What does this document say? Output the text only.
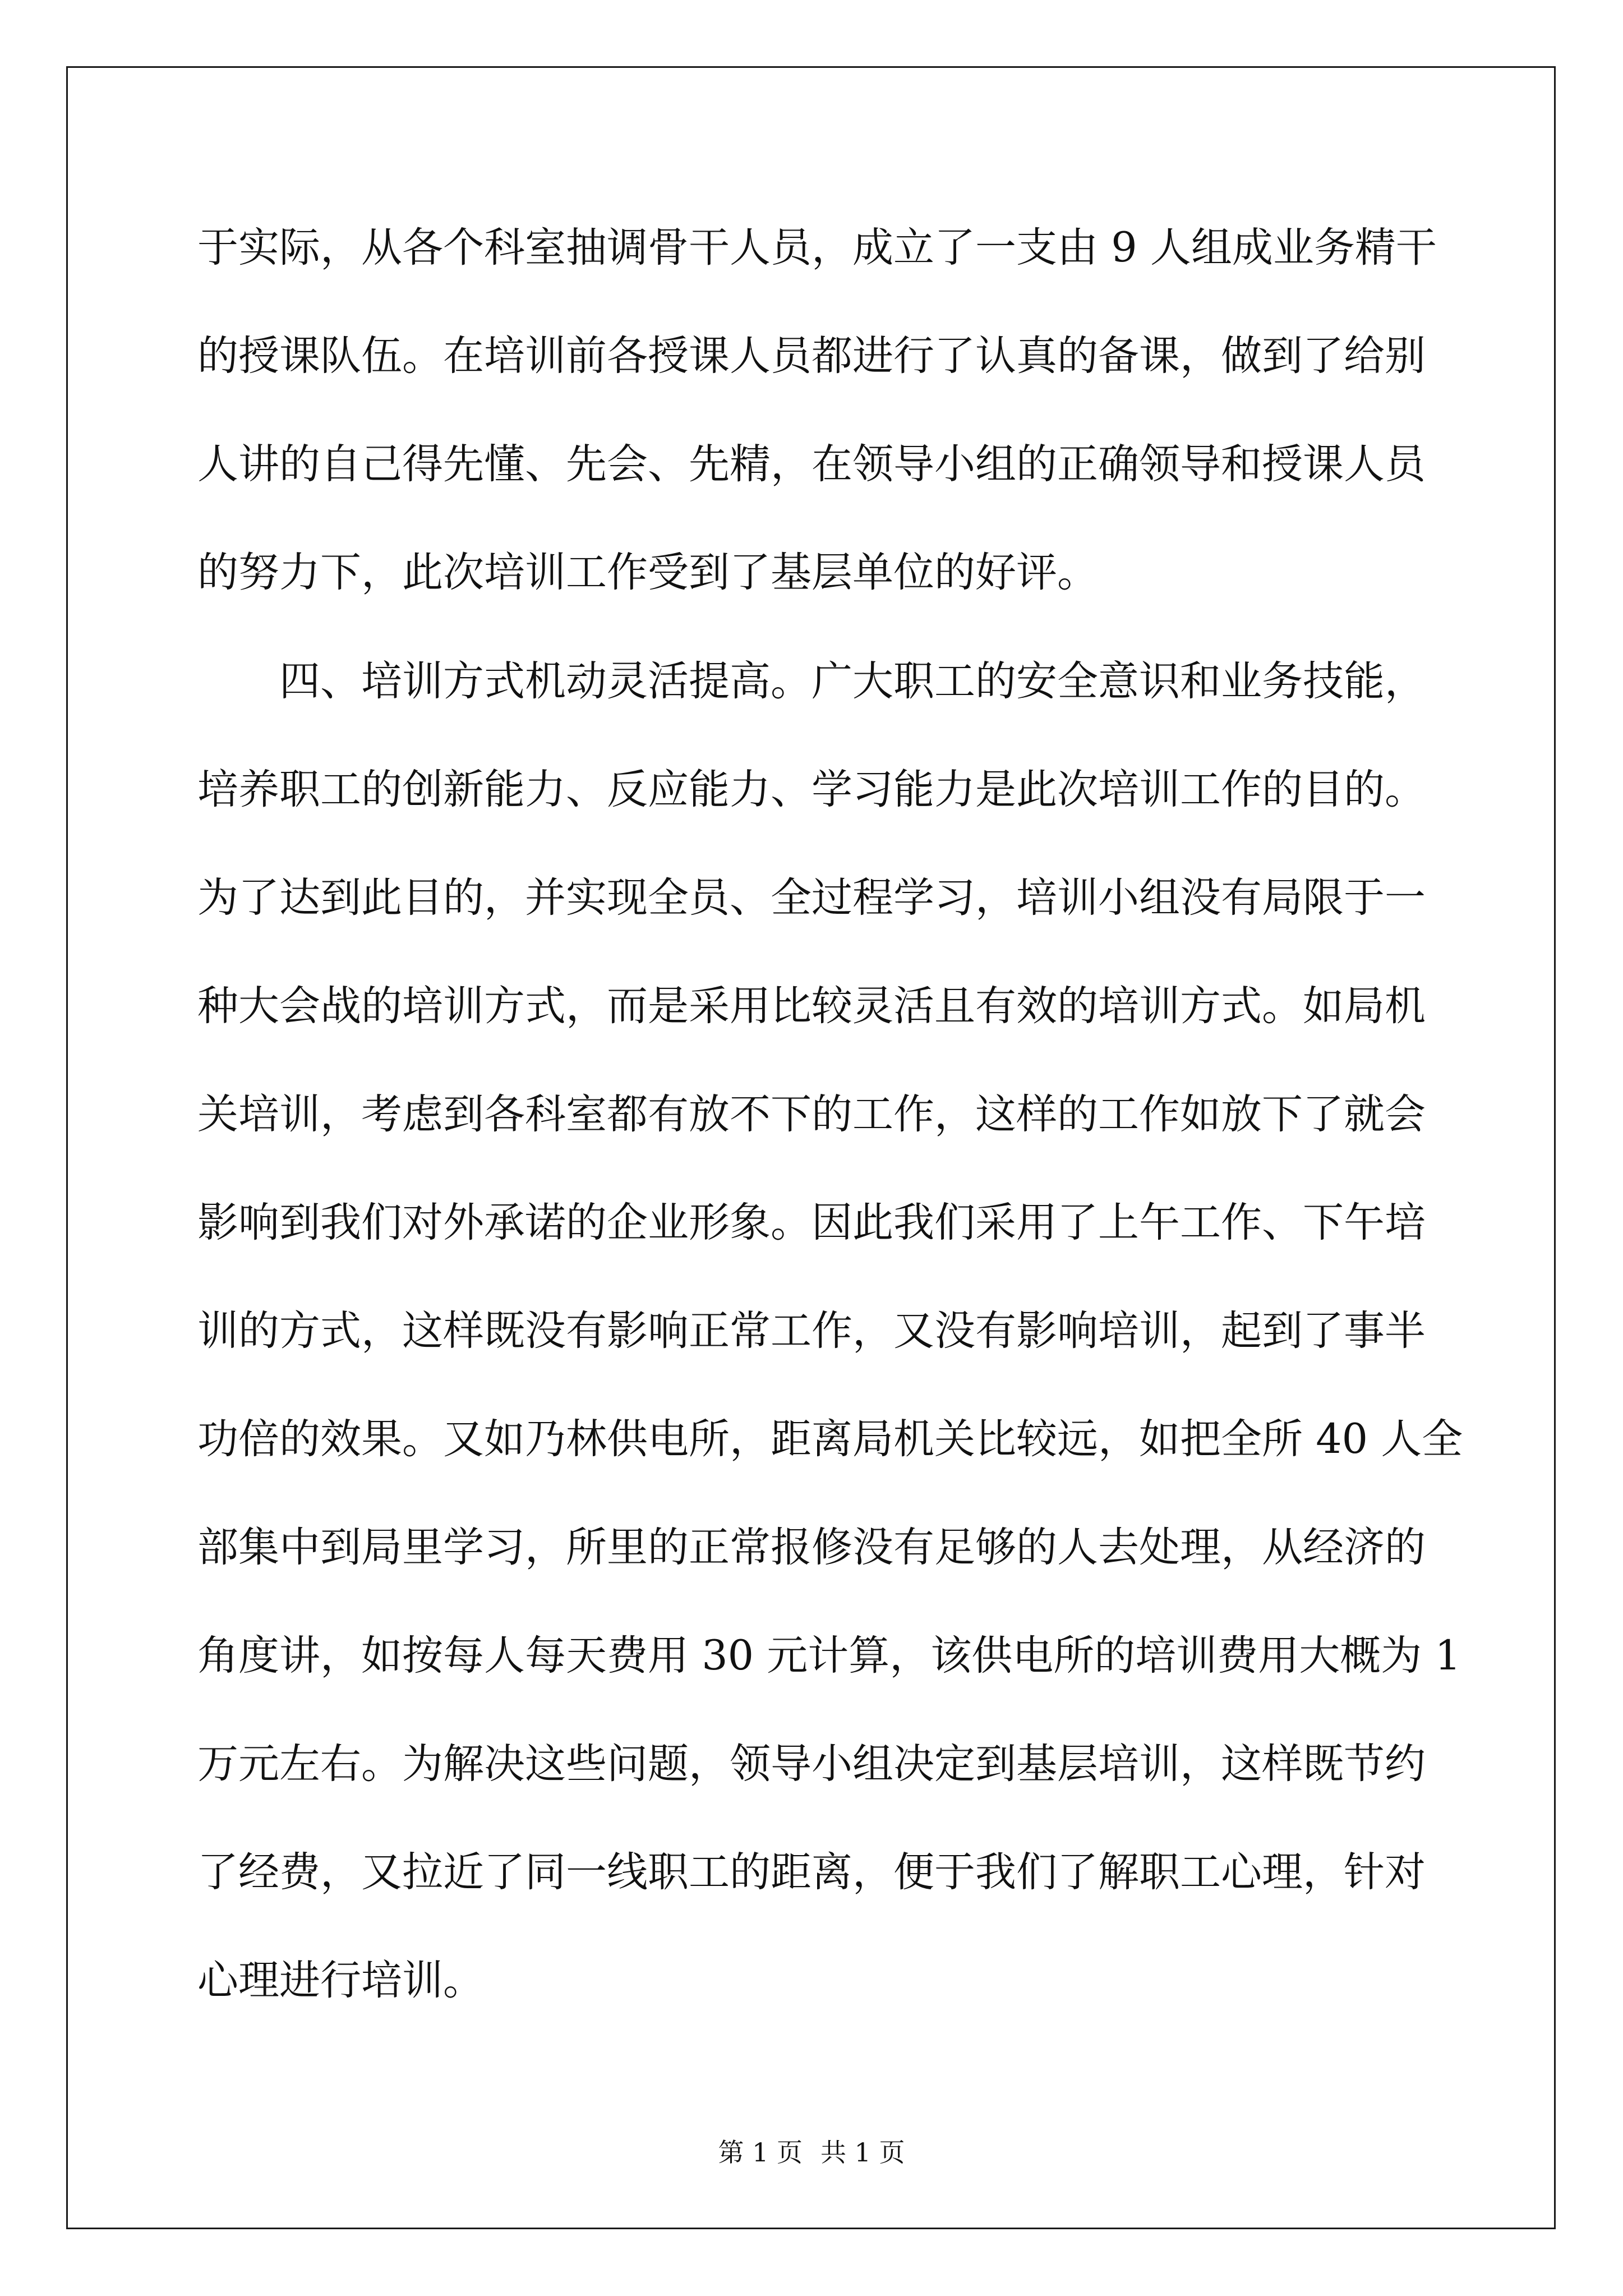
于实际，从各个科室抽调骨干人员，成立了一支由 9 人组成业务精干
的授课队伍。在培训前各授课人员都进行了认真的备课，做到了给别
人讲的自己得先懂、先会、先精，在领导小组的正确领导和授课人员
的努力下，此次培训工作受到了基层单位的好评。
　　四、培训方式机动灵活提高。广大职工的安全意识和业务技能，
培养职工的创新能力、反应能力、学习能力是此次培训工作的目的。
为了达到此目的，并实现全员、全过程学习，培训小组没有局限于一
种大会战的培训方式，而是采用比较灵活且有效的培训方式。如局机
关培训，考虑到各科室都有放不下的工作，这样的工作如放下了就会
影响到我们对外承诺的企业形象。因此我们采用了上午工作、下午培
训的方式，这样既没有影响正常工作，又没有影响培训，起到了事半
功倍的效果。又如乃林供电所，距离局机关比较远，如把全所 40 人全
部集中到局里学习，所里的正常报修没有足够的人去处理，从经济的
角度讲，如按每人每天费用 30 元计算，该供电所的培训费用大概为 1
万元左右。为解决这些问题，领导小组决定到基层培训，这样既节约
了经费，又拉近了同一线职工的距离，便于我们了解职工心理，针对
心理进行培训。
第 1 页 共 1 页
